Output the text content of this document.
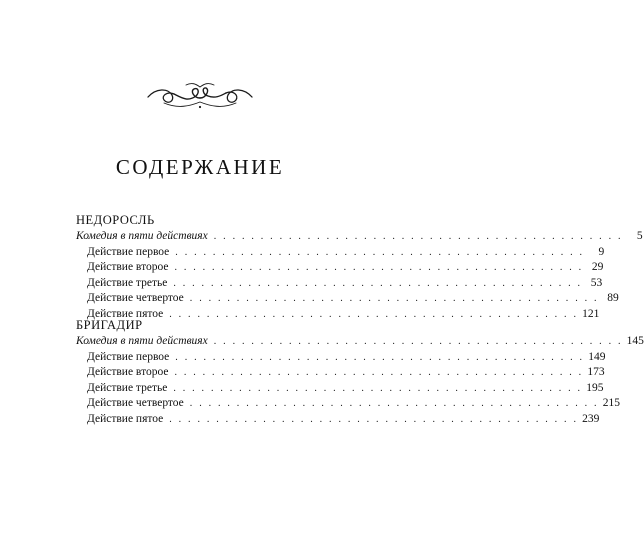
СОДЕРЖАНИЕ
НЕДОРОСЛЬ
Комедия в пяти действиях . . . . . . . . . . . . . . . . . . . . . . . . . . . . . . . . . . . . . . . . . . . .	5
Действие первое . . . . . . . . . . . . . . . . . . . . . . . . . . . . . . . . . . . . . . . . . . . .	9
Действие второе . . . . . . . . . . . . . . . . . . . . . . . . . . . . . . . . . . . . . . . . . . . . 29
Действие третье . . . . . . . . . . . . . . . . . . . . . . . . . . . . . . . . . . . . . . . . . . . . 53
Действие четвертое . . . . . . . . . . . . . . . . . . . . . . . . . . . . . . . . . . . . . . . . . . . . 89
Действие пятое . . . . . . . . . . . . . . . . . . . . . . . . . . . . . . . . . . . . . . . . . . . . 121
БРИГАДИР
Комедия в пяти действиях . . . . . . . . . . . . . . . . . . . . . . . . . . . . . . . . . . . . . . . . . . . . 145
Действие первое . . . . . . . . . . . . . . . . . . . . . . . . . . . . . . . . . . . . . . . . . . . . 149
Действие второе . . . . . . . . . . . . . . . . . . . . . . . . . . . . . . . . . . . . . . . . . . . . 173
Действие третье . . . . . . . . . . . . . . . . . . . . . . . . . . . . . . . . . . . . . . . . . . . . 195
Действие четвертое . . . . . . . . . . . . . . . . . . . . . . . . . . . . . . . . . . . . . . . . . . . . 215
Действие пятое . . . . . . . . . . . . . . . . . . . . . . . . . . . . . . . . . . . . . . . . . . . . 239
